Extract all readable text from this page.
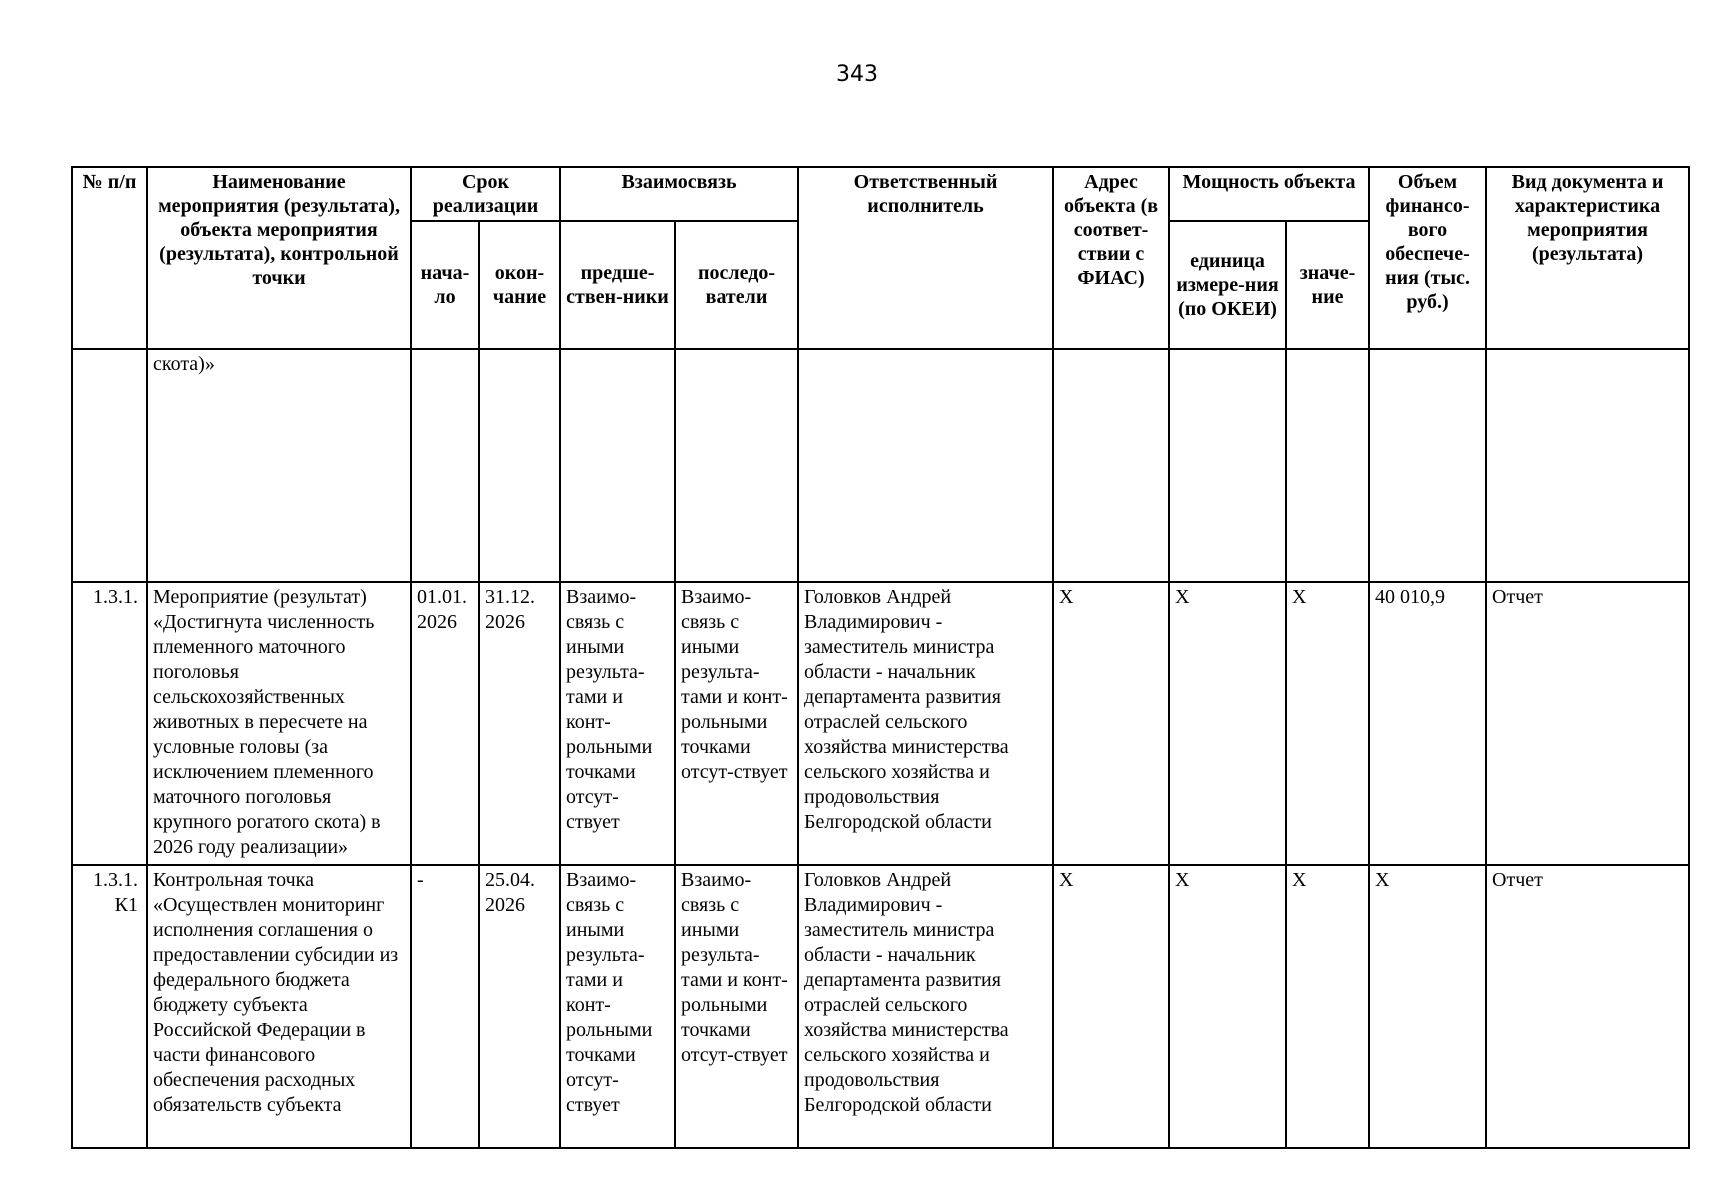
343
№ п/п	Наименование мероприятия (результата), объекта мероприятия (результата), контрольной точки	Срок реализации		Взаимосвязь		Ответственный исполнитель	Адрес объекта (в соответ-ствии с ФИАС)	Мощность объекта		Объем финансо-вого обеспече-ния (тыс. руб.)	Вид документа и характеристика мероприятия (результата)
		нача-ло	окон-чание	предше-ствен-ники	последо-ватели			единица измере-ния (по ОКЕИ)	значе-ние		
	скота)»										
1.3.1.	Мероприятие (результат) «Достигнута численность племенного маточного поголовья сельскохозяйственных животных в пересчете на условные головы (за исключением племенного маточного поголовья крупного рогатого скота) в 2026 году реализации»	01.01. 2026	31.12. 2026	Взаимо-связь с иными результа-тами и конт-рольными точками отсут-ствует	Взаимо-связь с иными результа-тами и конт-рольными точками отсут-ствует	Головков Андрей Владимирович - заместитель министра области - начальник департамента развития отраслей сельского хозяйства министерства сельского хозяйства и продовольствия Белгородской области	X	X	X	40 010,9	Отчет
1.3.1. К1	Контрольная точка «Осуществлен мониторинг исполнения соглашения о предоставлении субсидии из федерального бюджета бюджету субъекта Российской Федерации в части финансового обеспечения расходных обязательств субъекта	-	25.04. 2026	Взаимо-связь с иными результа-тами и конт-рольными точками отсут-ствует	Взаимо-связь с иными результа-тами и конт-рольными точками отсут-ствует	Головков Андрей Владимирович - заместитель министра области - начальник департамента развития отраслей сельского хозяйства министерства сельского хозяйства и продовольствия Белгородской области	X	X	X	X	Отчет
